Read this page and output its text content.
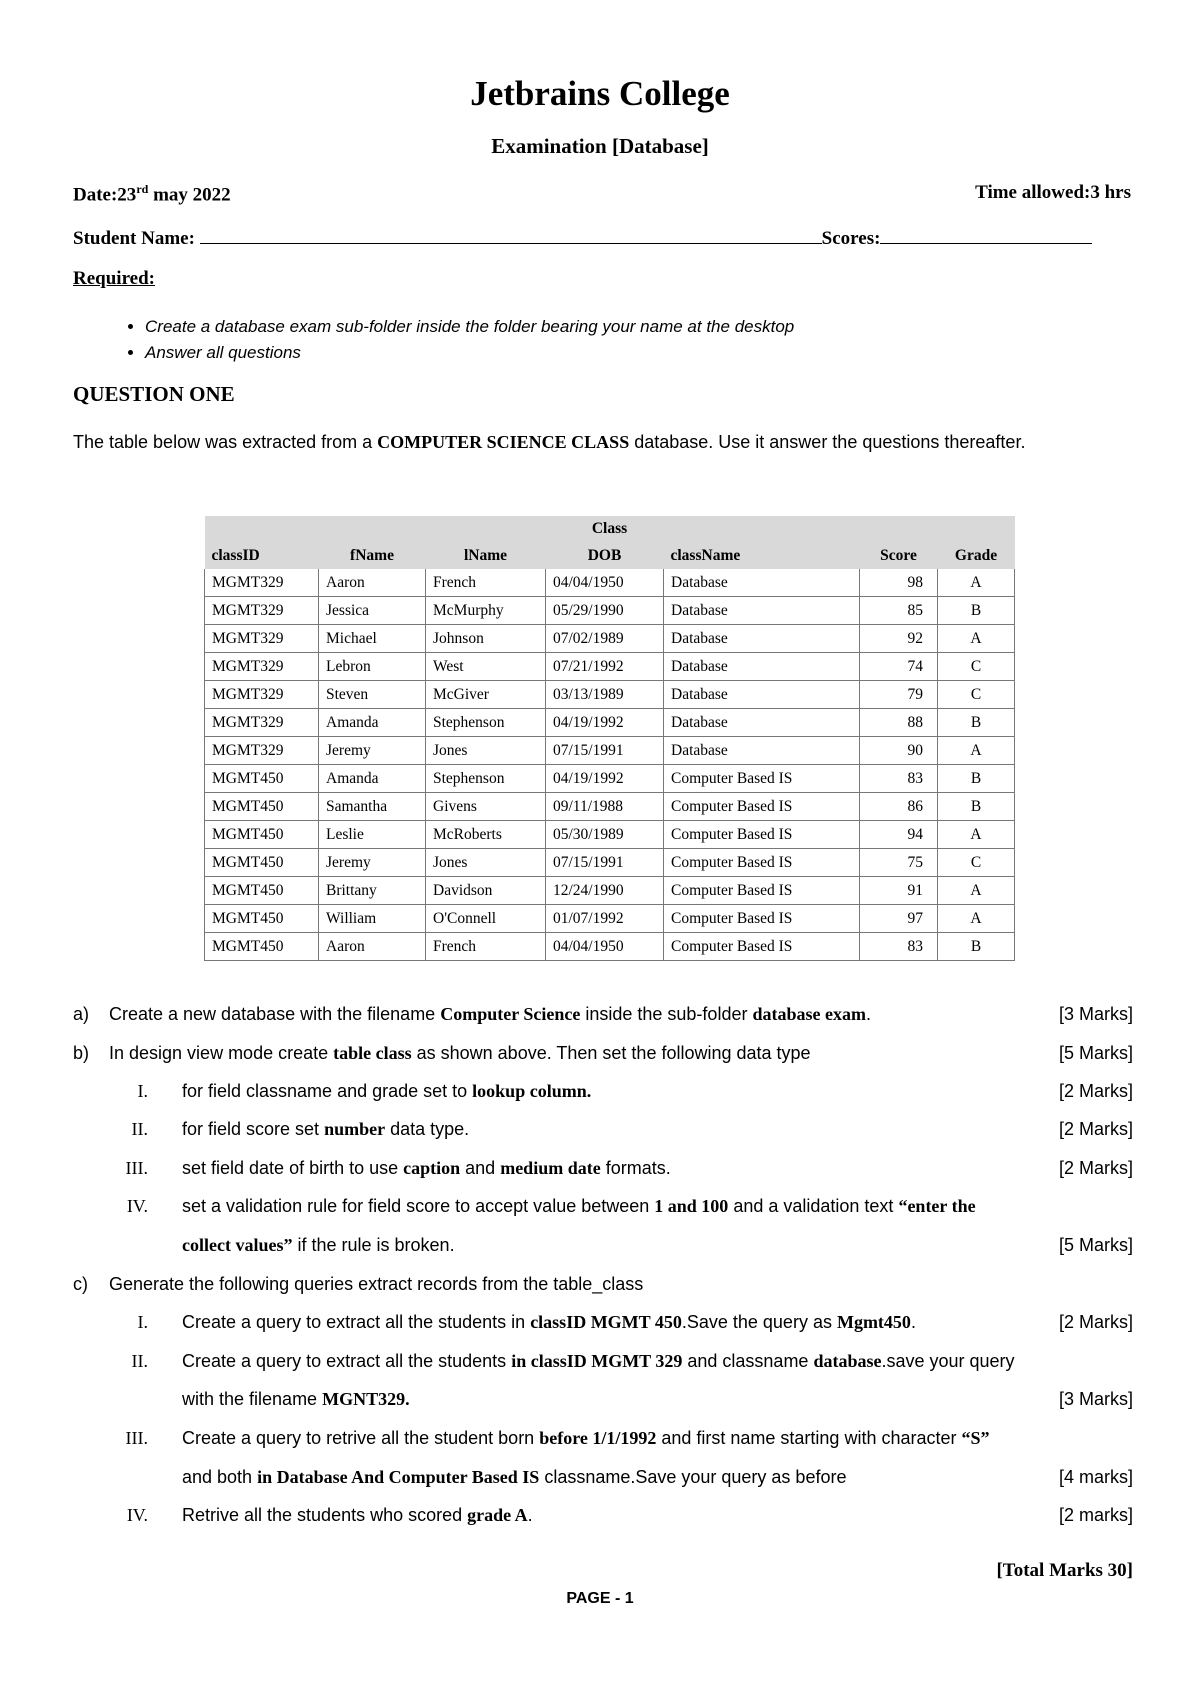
Jetbrains College
Examination [Database]
Date:23rd may 2022	Time allowed:3 hrs
Student Name:	Scores:
Required:
• Create a database exam sub-folder inside the folder bearing your name at the desktop
• Answer all questions
QUESTION ONE
The table below was extracted from a COMPUTER SCIENCE CLASS database. Use it answer the questions thereafter.
Class						
classID	fName	lName	DOB	className	Score	Grade
MGMT329	Aaron	French	04/04/1950	Database	98	A
MGMT329	Jessica	McMurphy	05/29/1990	Database	85	B
MGMT329	Michael	Johnson	07/02/1989	Database	92	A
MGMT329	Lebron	West	07/21/1992	Database	74	C
MGMT329	Steven	McGiver	03/13/1989	Database	79	C
MGMT329	Amanda	Stephenson	04/19/1992	Database	88	B
MGMT329	Jeremy	Jones	07/15/1991	Database	90	A
MGMT450	Amanda	Stephenson	04/19/1992	Computer Based IS	83	B
MGMT450	Samantha	Givens	09/11/1988	Computer Based IS	86	B
MGMT450	Leslie	McRoberts	05/30/1989	Computer Based IS	94	A
MGMT450	Jeremy	Jones	07/15/1991	Computer Based IS	75	C
MGMT450	Brittany	Davidson	12/24/1990	Computer Based IS	91	A
MGMT450	William	O'Connell	01/07/1992	Computer Based IS	97	A
MGMT450	Aaron	French	04/04/1950	Computer Based IS	83	B
a) Create a new database with the filename Computer Science inside the sub-folder database exam.	[3 Marks]
b) In design view mode create table class as shown above. Then set the following data type	[5 Marks]
I. for field classname and grade set to lookup column.	[2 Marks]
II. for field score set number data type.	[2 Marks]
III. set field date of birth to use caption and medium date formats.	[2 Marks]
IV. set a validation rule for field score to accept value between 1 and 100 and a validation text “enter the
collect values” if the rule is broken.	[5 Marks]
c) Generate the following queries extract records from the table_class
I. Create a query to extract all the students in classID MGMT 450.Save the query as Mgmt450.	[2 Marks]
II. Create a query to extract all the students in classID MGMT 329 and classname database.save your query
with the filename MGNT329.	[3 Marks]
III. Create a query to retrive all the student born before 1/1/1992 and first name starting with character “S”
and both in Database And Computer Based IS classname.Save your query as before	[4 marks]
IV. Retrive all the students who scored grade A.	[2 marks]
[Total Marks 30]
PAGE - 1
